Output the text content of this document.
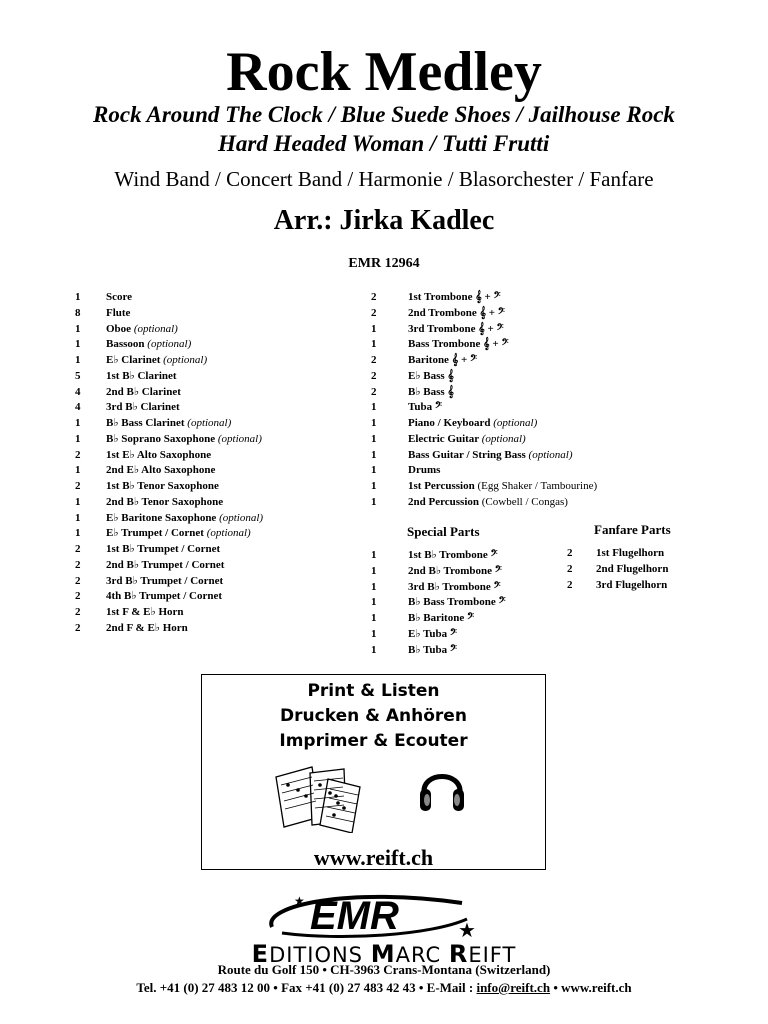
Rock Medley
Rock Around The Clock / Blue Suede Shoes / Jailhouse Rock
Hard Headed Woman / Tutti Frutti
Wind Band / Concert Band / Harmonie / Blasorchester / Fanfare
Arr.: Jirka Kadlec
EMR 12964
1 Score
8 Flute
1 Oboe (optional)
1 Bassoon (optional)
1 E♭ Clarinet (optional)
5 1st B♭ Clarinet
4 2nd B♭ Clarinet
4 3rd B♭ Clarinet
1 B♭ Bass Clarinet (optional)
1 B♭ Soprano Saxophone (optional)
2 1st E♭ Alto Saxophone
1 2nd E♭ Alto Saxophone
2 1st B♭ Tenor Saxophone
1 2nd B♭ Tenor Saxophone
1 E♭ Baritone Saxophone (optional)
1 E♭ Trumpet / Cornet (optional)
2 1st B♭ Trumpet / Cornet
2 2nd B♭ Trumpet / Cornet
2 3rd B♭ Trumpet / Cornet
2 4th B♭ Trumpet / Cornet
2 1st F & E♭ Horn
2 2nd F & E♭ Horn
2	1st Trombone 𝄞 + 𝄢
2	2nd Trombone 𝄞 + 𝄢
1	3rd Trombone 𝄞 + 𝄢
1	Bass Trombone 𝄞 + 𝄢
2	Baritone 𝄞 + 𝄢
2	E♭ Bass 𝄞
2	B♭ Bass 𝄞
1	Tuba 𝄢
1	Piano / Keyboard (optional)
1	Electric Guitar (optional)
1	Bass Guitar / String Bass (optional)
1	Drums
1	1st Percussion (Egg Shaker / Tambourine)
1	2nd Percussion (Cowbell / Congas)
Special Parts
1	1st B♭ Trombone 𝄢
1	2nd B♭ Trombone 𝄢
1	3rd B♭ Trombone 𝄢
1	B♭ Bass Trombone 𝄢
1	B♭ Baritone 𝄢
1	E♭ Tuba 𝄢
1	B♭ Tuba 𝄢
Fanfare Parts
2 1st Flugelhorn
2 2nd Flugelhorn
2 3rd Flugelhorn
Print & Listen
Drucken & Anhören
Imprimer & Ecouter
www.reift.ch
EMR	★
★
EDITIONS MARC REIFT
Route du Golf 150 • CH-3963 Crans-Montana (Switzerland)
Tel. +41 (0) 27 483 12 00 • Fax +41 (0) 27 483 42 43 • E-Mail : info@reift.ch • www.reift.ch
